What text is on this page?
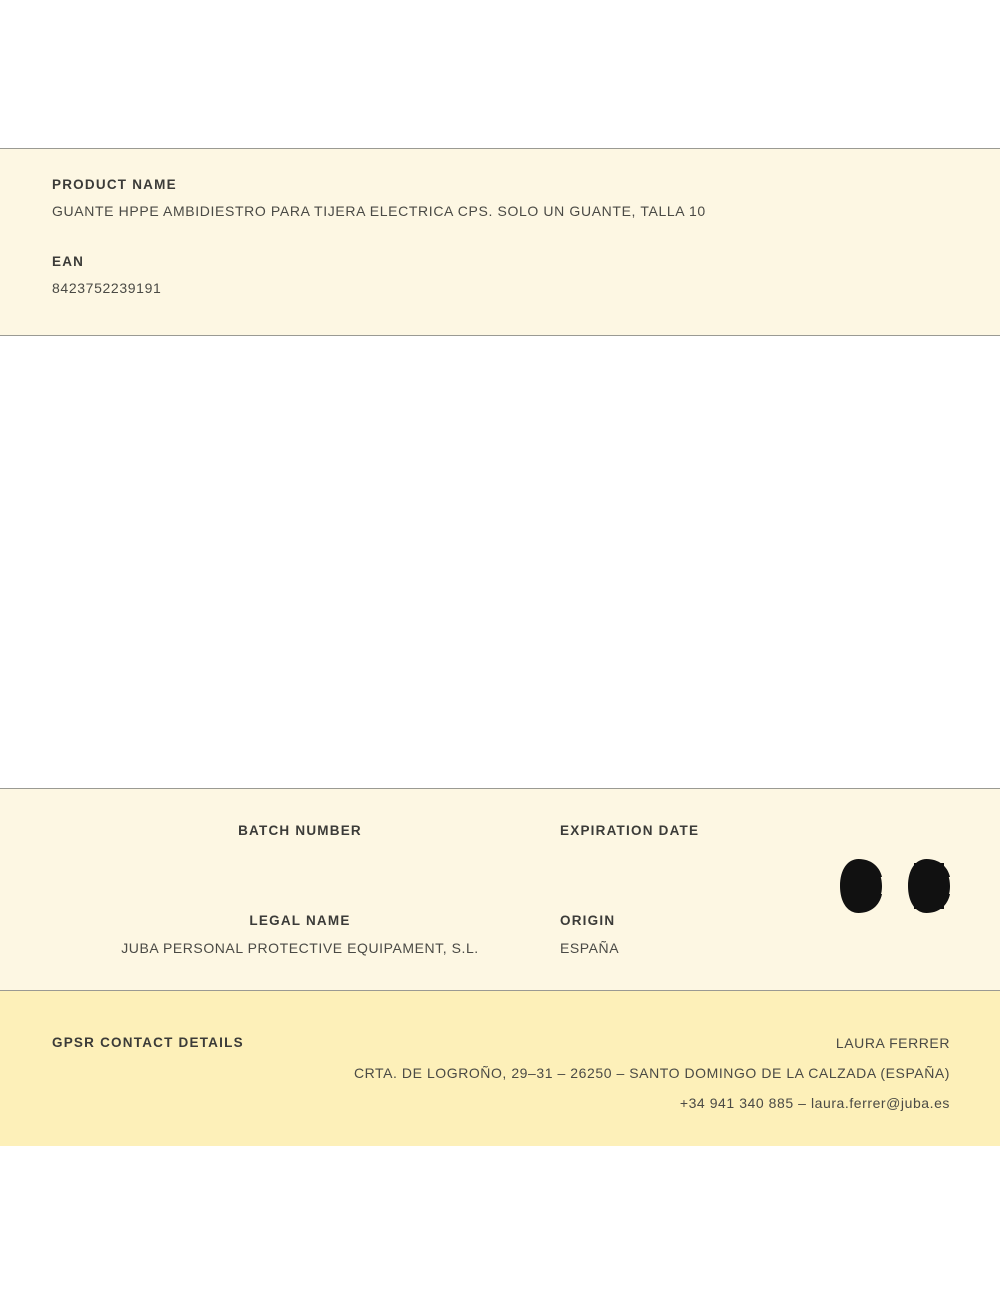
PRODUCT NAME

GUANTE HPPE AMBIDIESTRO PARA TIJERA ELECTRICA CPS. SOLO UN GUANTE, TALLA 10

EAN

8423752239191

BATCH NUMBER	EXPIRATION DATE

LEGAL NAME

JUBA PERSONAL PROTECTIVE EQUIPAMENT, S.L.

ORIGIN

ESPAÑA

GPSR CONTACT DETAILS	LAURA FERRER

CRTA. DE LOGROÑO, 29–31 – 26250 – SANTO DOMINGO DE LA CALZADA (ESPAÑA)

+34 941 340 885 – laura.ferrer@juba.es
